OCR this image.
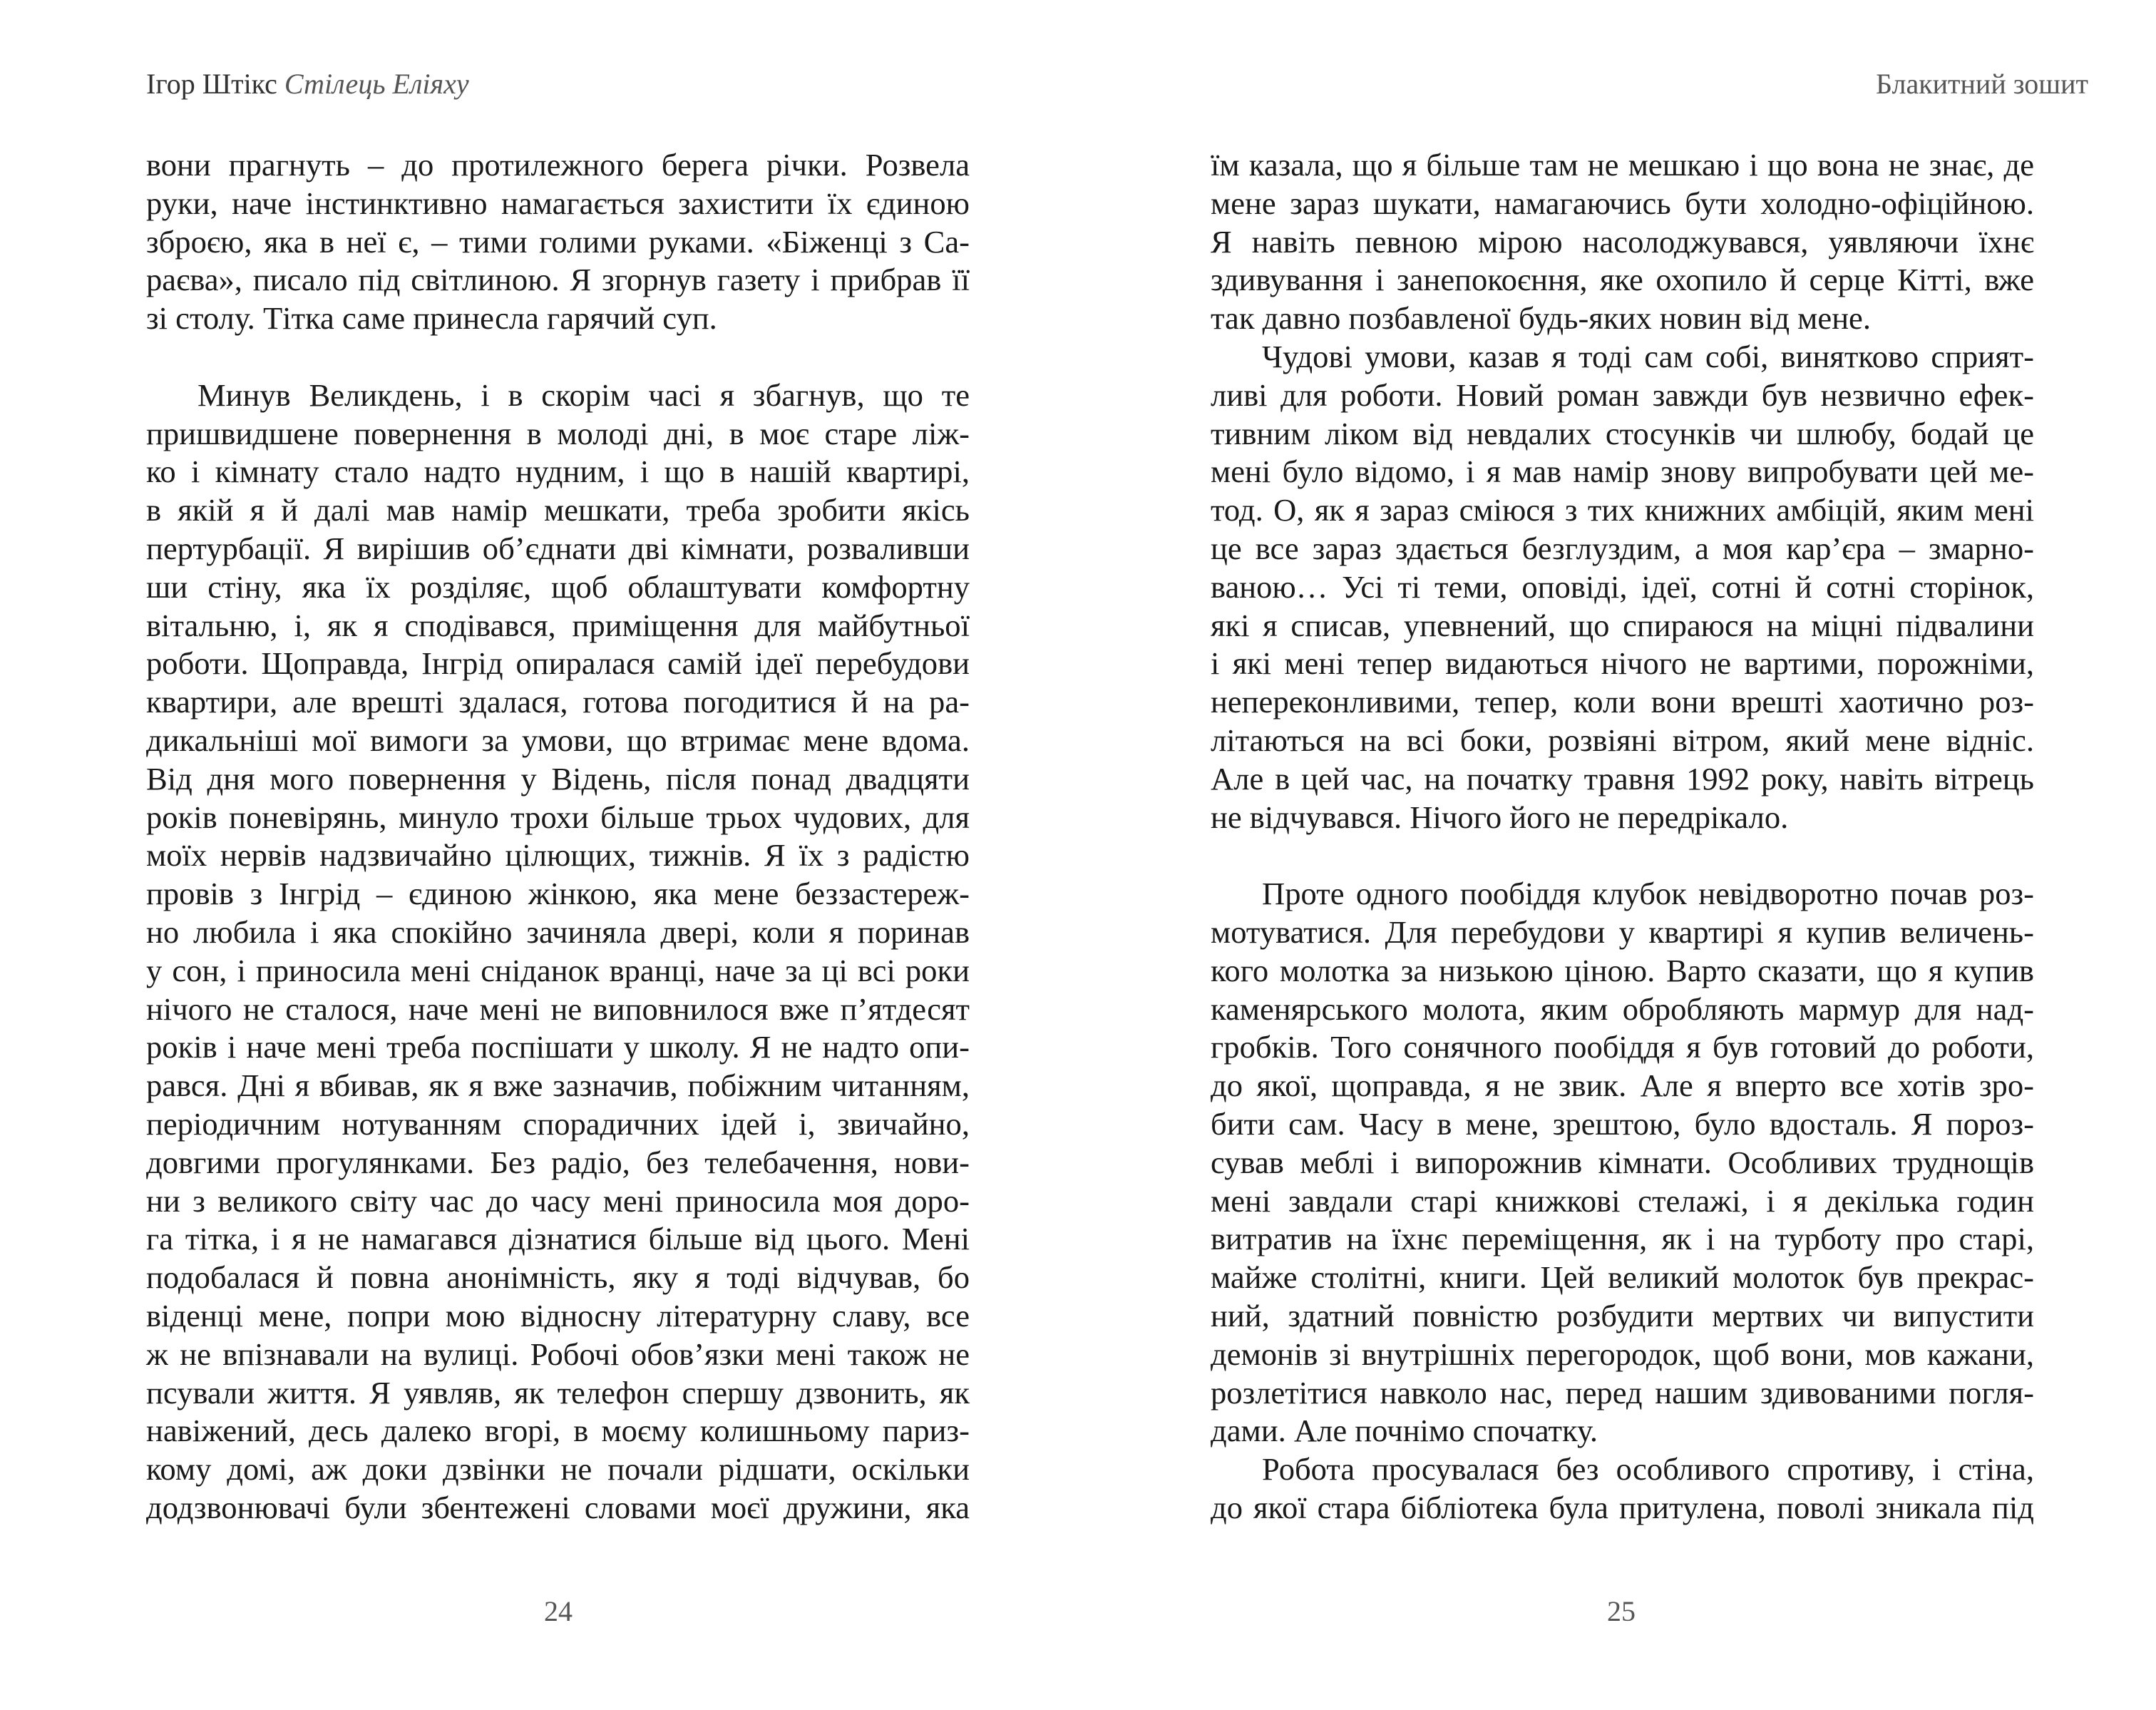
Ігор Штікс Стілець Еліяху
вони прагнуть – до протилежного берега річки. Розвела
руки, наче інстинктивно намагається захистити їх єдиною
зброєю, яка в неї є, – тими голими руками. «Біженці з Са-
раєва», писало під світлиною. Я згорнув газету і прибрав її
зі столу. Тітка саме принесла гарячий суп.
Минув Великдень, і в скорім часі я збагнув, що те
пришвидшене повернення в молоді дні, в моє старе ліж-
ко і кімнату стало надто нудним, і що в нашій квартирі,
в якій я й далі мав намір мешкати, треба зробити якісь
пертурбації. Я вирішив об’єднати дві кімнати, розваливши
ши стіну, яка їх розділяє, щоб облаштувати комфортну
вітальню, і, як я сподівався, приміщення для майбутньої
роботи. Щоправда, Інгрід опиралася самій ідеї перебудови
квартири, але врешті здалася, готова погодитися й на ра-
дикальніші мої вимоги за умови, що втримає мене вдома.
Від дня мого повернення у Відень, після понад двадцяти
років поневірянь, минуло трохи більше трьох чудових, для
моїх нервів надзвичайно цілющих, тижнів. Я їх з радістю
провів з Інгрід – єдиною жінкою, яка мене беззастереж-
но любила і яка спокійно зачиняла двері, коли я поринав
у сон, і приносила мені сніданок вранці, наче за ці всі роки
нічого не сталося, наче мені не виповнилося вже п’ятдесят
років і наче мені треба поспішати у школу. Я не надто опи-
рався. Дні я вбивав, як я вже зазначив, побіжним читанням,
періодичним нотуванням спорадичних ідей і, звичайно,
довгими прогулянками. Без радіо, без телебачення, нови-
ни з великого світу час до часу мені приносила моя доро-
га тітка, і я не намагався дізнатися більше від цього. Мені
подобалася й повна анонімність, яку я тоді відчував, бо
віденці мене, попри мою відносну літературну славу, все
ж не впізнавали на вулиці. Робочі обов’язки мені також не
псували життя. Я уявляв, як телефон спершу дзвонить, як
навіжений, десь далеко вгорі, в моєму колишньому париз-
кому домі, аж доки дзвінки не почали рідшати, оскільки
додзвонювачі були збентежені словами моєї дружини, яка
24
Блакитний зошит
їм казала, що я більше там не мешкаю і що вона не знає, де
мене зараз шукати, намагаючись бути холодно-офіційною.
Я навіть певною мірою насолоджувався, уявляючи їхнє
здивування і занепокоєння, яке охопило й серце Кітті, вже
так давно позбавленої будь-яких новин від мене.
Чудові умови, казав я тоді сам собі, винятково сприят-
ливі для роботи. Новий роман завжди був незвично ефек-
тивним ліком від невдалих стосунків чи шлюбу, бодай це
мені було відомо, і я мав намір знову випробувати цей ме-
тод. О, як я зараз сміюся з тих книжних амбіцій, яким мені
це все зараз здається безглуздим, а моя кар’єра – змарно-
ваною… Усі ті теми, оповіді, ідеї, сотні й сотні сторінок,
які я списав, упевнений, що спираюся на міцні підвалини
і які мені тепер видаються нічого не вартими, порожніми,
непереконливими, тепер, коли вони врешті хаотично роз-
літаються на всі боки, розвіяні вітром, який мене відніс.
Але в цей час, на початку травня 1992 року, навіть вітрець
не відчувався. Нічого його не передрікало.
Проте одного пообіддя клубок невідворотно почав роз-
мотуватися. Для перебудови у квартирі я купив величень-
кого молотка за низькою ціною. Варто сказати, що я купив
каменярського молота, яким обробляють мармур для над-
гробків. Того сонячного пообіддя я був готовий до роботи,
до якої, щоправда, я не звик. Але я вперто все хотів зро-
бити сам. Часу в мене, зрештою, було вдосталь. Я пороз-
сував меблі і випорожнив кімнати. Особливих труднощів
мені завдали старі книжкові стелажі, і я декілька годин
витратив на їхнє переміщення, як і на турботу про старі,
майже столітні, книги. Цей великий молоток був прекрас-
ний, здатний повністю розбудити мертвих чи випустити
демонів зі внутрішніх перегородок, щоб вони, мов кажани,
розлетітися навколо нас, перед нашим здивованими погля-
дами. Але почнімо спочатку.
Робота просувалася без особливого спротиву, і стіна,
до якої стара бібліотека була притулена, поволі зникала під
25
